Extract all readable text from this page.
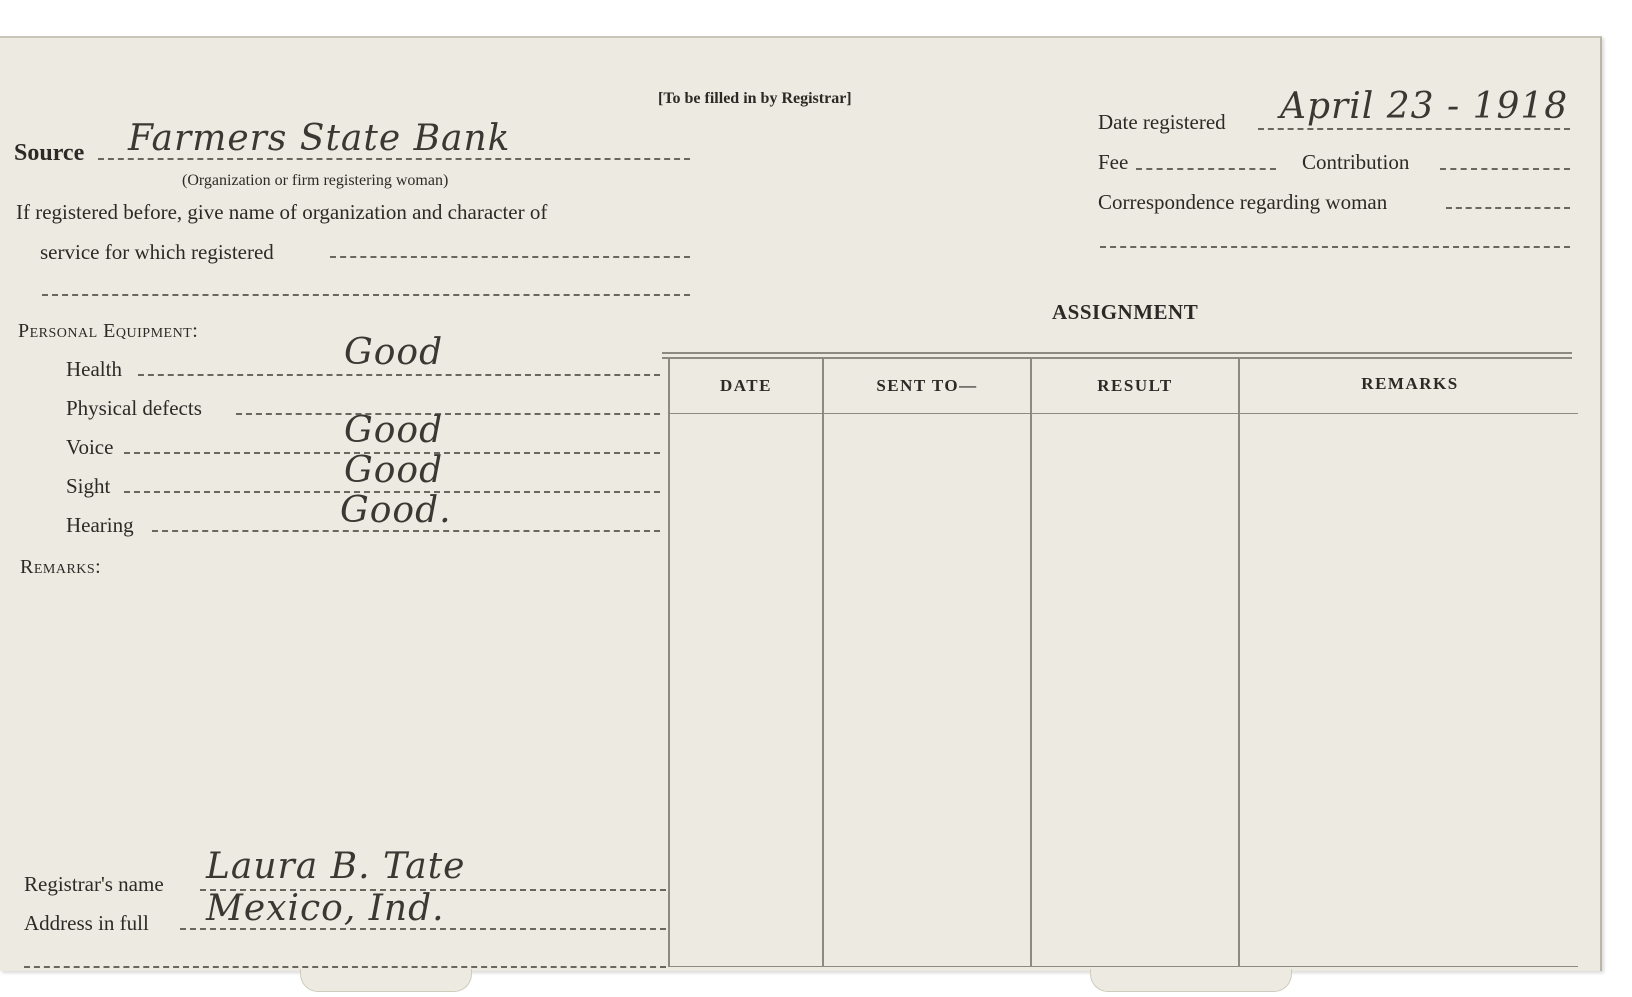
[To be filled in by Registrar]
Source Farmers State Bank
(Organization or firm registering woman)
If registered before, give name of organization and character of
service for which registered
Personal Equipment:
Health	Good
Physical defects
Voice	Good
Sight	Good
Hearing	Good.
Remarks:
Registrar's name Laura B. Tate
Address in full Mexico, Ind.
Date registered April 23 - 1918
Fee	Contribution
Correspondence regarding woman
ASSIGNMENT
DATE	SENT TO—	RESULT	REMARKS
